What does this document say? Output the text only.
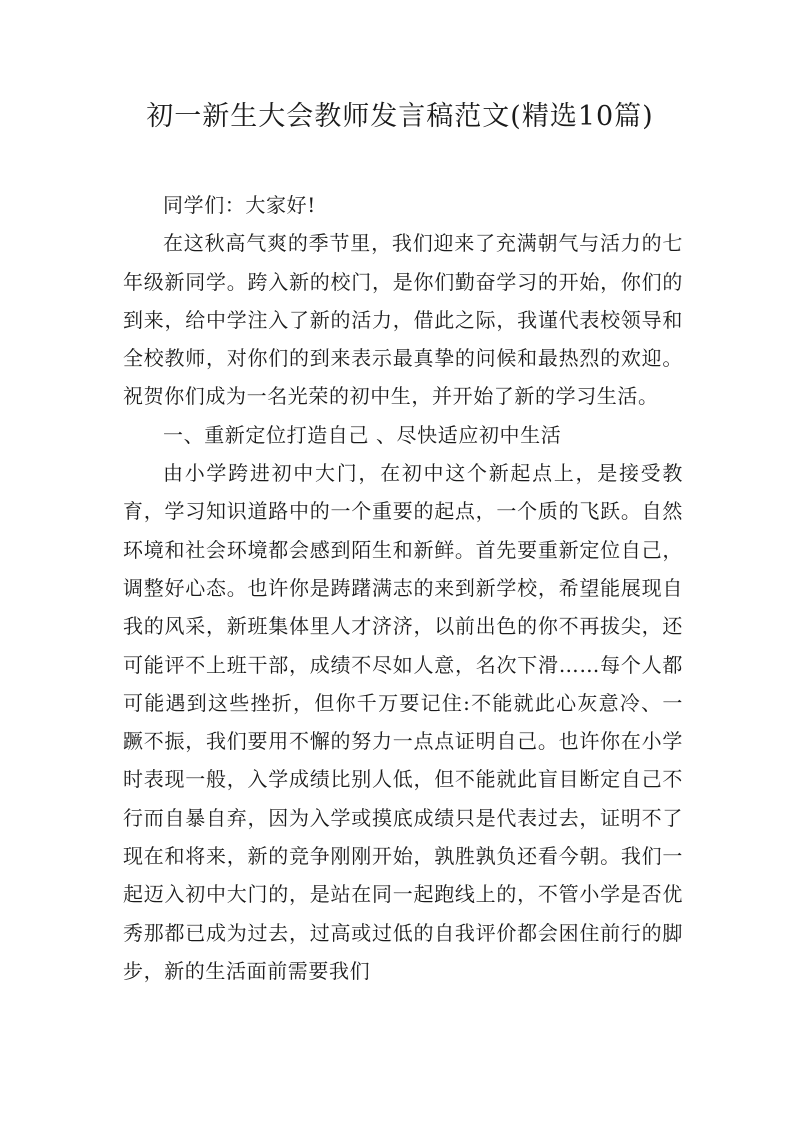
初一新生大会教师发言稿范文(精选10篇)

同学们：大家好!

在这秋高气爽的季节里，我们迎来了充满朝气与活力的七年级新同学。跨入新的校门，是你们勤奋学习的开始，你们的到来，给中学注入了新的活力，借此之际，我谨代表校领导和全校教师，对你们的到来表示最真挚的问候和最热烈的欢迎。祝贺你们成为一名光荣的初中生，并开始了新的学习生活。

一、重新定位打造自己 、尽快适应初中生活

由小学跨进初中大门，在初中这个新起点上，是接受教育，学习知识道路中的一个重要的起点，一个质的飞跃。自然环境和社会环境都会感到陌生和新鲜。首先要重新定位自己，调整好心态。也许你是踌躇满志的来到新学校，希望能展现自我的风采，新班集体里人才济济，以前出色的你不再拔尖，还可能评不上班干部，成绩不尽如人意，名次下滑……每个人都可能遇到这些挫折，但你千万要记住:不能就此心灰意冷、一蹶不振，我们要用不懈的努力一点点证明自己。也许你在小学时表现一般，入学成绩比别人低，但不能就此盲目断定自己不行而自暴自弃，因为入学或摸底成绩只是代表过去，证明不了现在和将来，新的竞争刚刚开始，孰胜孰负还看今朝。我们一起迈入初中大门的，是站在同一起跑线上的，不管小学是否优秀那都已成为过去，过高或过低的自我评价都会困住前行的脚步，新的生活面前需要我们
